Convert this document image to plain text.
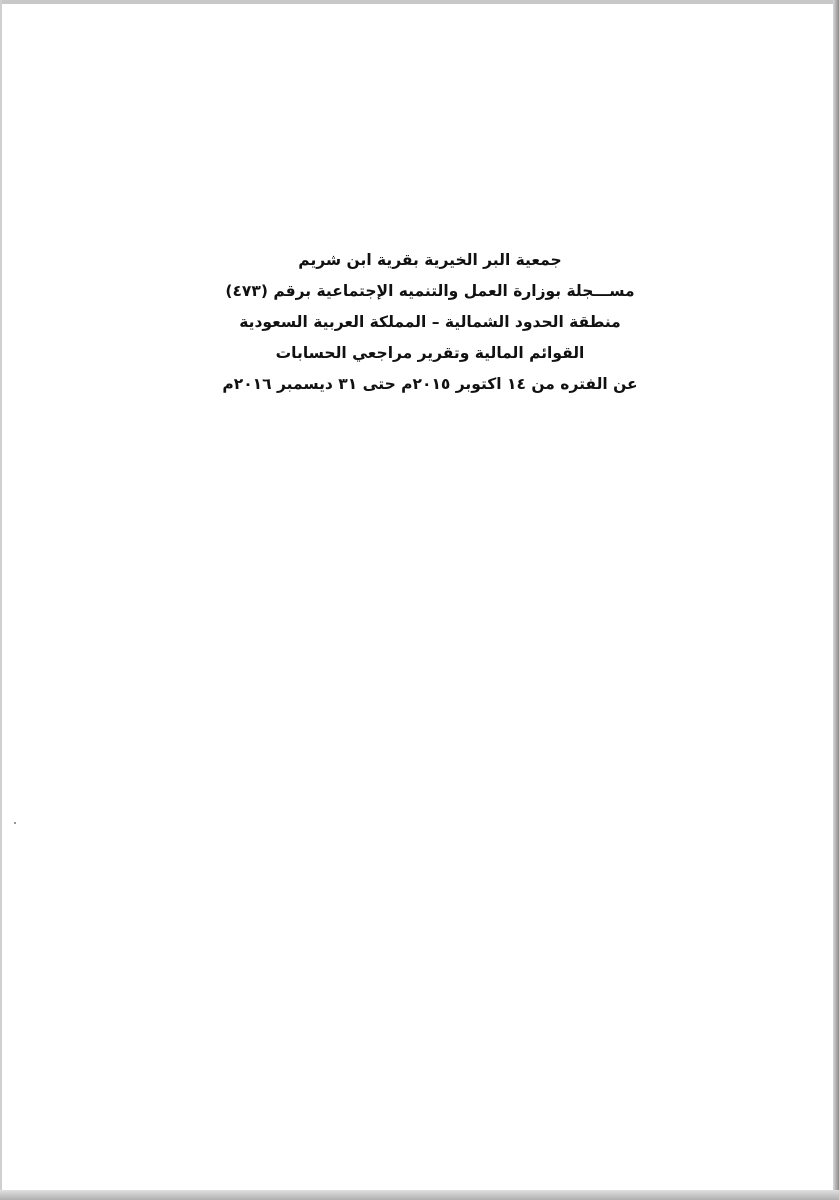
جمعية البر الخيرية بقرية ابن شريم
مســـجلة بوزارة العمل والتنميه الإجتماعية برقم (٤٧٣)
منطقة الحدود الشمالية – المملكة العربية السعودية
القوائم المالية وتقرير مراجعي الحسابات
عن الفتره من ١٤ اكتوبر ٢٠١٥م حتى ٣١ ديسمبر ٢٠١٦م
